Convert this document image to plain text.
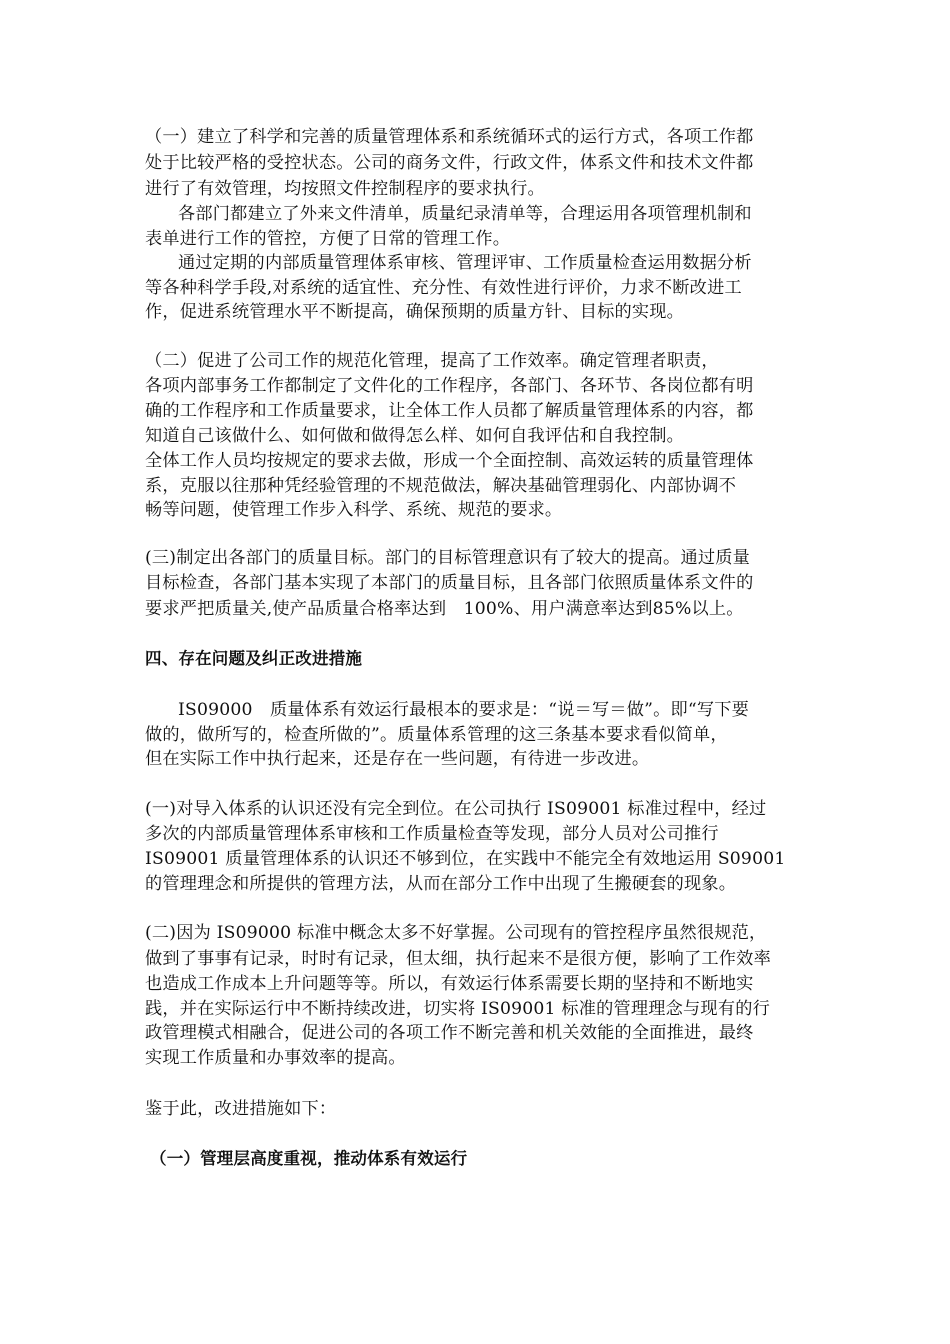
（一）建立了科学和完善的质量管理体系和系统循环式的运行方式，各项工作都
处于比较严格的受控状态。公司的商务文件，行政文件，体系文件和技术文件都
进行了有效管理，均按照文件控制程序的要求执行。
各部门都建立了外来文件清单，质量纪录清单等，合理运用各项管理机制和
表单进行工作的管控，方便了日常的管理工作。
通过定期的内部质量管理体系审核、管理评审、工作质量检查运用数据分析
等各种科学手段,对系统的适宜性、充分性、有效性进行评价，力求不断改进工
作，促进系统管理水平不断提高，确保预期的质量方针、目标的实现。
（二）促进了公司工作的规范化管理，提高了工作效率。确定管理者职责，
各项内部事务工作都制定了文件化的工作程序，各部门、各环节、各岗位都有明
确的工作程序和工作质量要求，让全体工作人员都了解质量管理体系的内容，都
知道自己该做什么、如何做和做得怎么样、如何自我评估和自我控制。
全体工作人员均按规定的要求去做，形成一个全面控制、高效运转的质量管理体
系，克服以往那种凭经验管理的不规范做法，解决基础管理弱化、内部协调不
畅等问题，使管理工作步入科学、系统、规范的要求。
(三)制定出各部门的质量目标。部门的目标管理意识有了较大的提高。通过质量
目标检查，各部门基本实现了本部门的质量目标，且各部门依照质量体系文件的
要求严把质量关,使产品质量合格率达到　100%、用户满意率达到85%以上。
四、存在问题及纠正改进措施
IS09000　质量体系有效运行最根本的要求是：“说＝写＝做”。即“写下要
做的，做所写的，检查所做的”。质量体系管理的这三条基本要求看似简单，
但在实际工作中执行起来，还是存在一些问题，有待进一步改进。
(一)对导入体系的认识还没有完全到位。在公司执行 IS09001 标准过程中，经过
多次的内部质量管理体系审核和工作质量检查等发现，部分人员对公司推行
IS09001 质量管理体系的认识还不够到位，在实践中不能完全有效地运用 S09001
的管理理念和所提供的管理方法，从而在部分工作中出现了生搬硬套的现象。
(二)因为 IS09000 标准中概念太多不好掌握。公司现有的管控程序虽然很规范，
做到了事事有记录，时时有记录，但太细，执行起来不是很方便，影响了工作效率
也造成工作成本上升问题等等。所以，有效运行体系需要长期的坚持和不断地实
践，并在实际运行中不断持续改进，切实将 IS09001 标准的管理理念与现有的行
政管理模式相融合，促进公司的各项工作不断完善和机关效能的全面推进，最终
实现工作质量和办事效率的提高。
鉴于此，改进措施如下：
（一）管理层高度重视，推动体系有效运行
